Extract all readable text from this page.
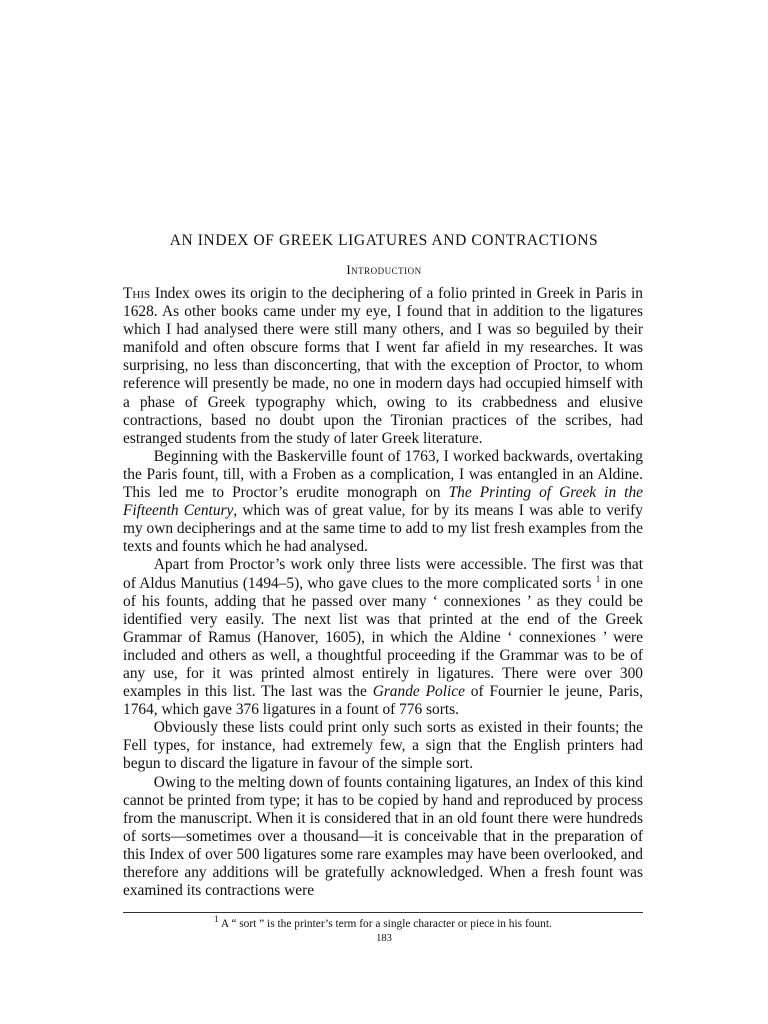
AN INDEX OF GREEK LIGATURES AND CONTRACTIONS
Introduction

This Index owes its origin to the deciphering of a folio printed in Greek in Paris in 1628. As other books came under my eye, I found that in addition to the ligatures which I had analysed there were still many others, and I was so beguiled by their manifold and often obscure forms that I went far afield in my researches. It was surprising, no less than disconcerting, that with the exception of Proctor, to whom reference will presently be made, no one in modern days had occupied himself with a phase of Greek typography which, owing to its crabbedness and elusive contractions, based no doubt upon the Tironian practices of the scribes, had estranged students from the study of later Greek literature.

Beginning with the Baskerville fount of 1763, I worked backwards, overtaking the Paris fount, till, with a Froben as a complication, I was entangled in an Aldine. This led me to Proctor’s erudite monograph on The Printing of Greek in the Fifteenth Century, which was of great value, for by its means I was able to verify my own decipherings and at the same time to add to my list fresh examples from the texts and founts which he had analysed.

Apart from Proctor’s work only three lists were accessible. The first was that of Aldus Manutius (1494–5), who gave clues to the more complicated sorts $^1$ in one of his founts, adding that he passed over many ‘ connexiones ’ as they could be identified very easily. The next list was that printed at the end of the Greek Grammar of Ramus (Hanover, 1605), in which the Aldine ‘ connexiones ’ were included and others as well, a thoughtful proceeding if the Grammar was to be of any use, for it was printed almost entirely in ligatures. There were over 300 examples in this list. The last was the Grande Police of Fournier le jeune, Paris, 1764, which gave 376 ligatures in a fount of 776 sorts.

Obviously these lists could print only such sorts as existed in their founts; the Fell types, for instance, had extremely few, a sign that the English printers had begun to discard the ligature in favour of the simple sort.

Owing to the melting down of founts containing ligatures, an Index of this kind cannot be printed from type; it has to be copied by hand and reproduced by process from the manuscript. When it is considered that in an old fount there were hundreds of sorts—sometimes over a thousand—it is conceivable that in the preparation of this Index of over 500 ligatures some rare examples may have been overlooked, and therefore any additions will be gratefully acknowledged. When a fresh fount was examined its contractions were

$^1$ A “ sort ” is the printer’s term for a single character or piece in his fount.
183
